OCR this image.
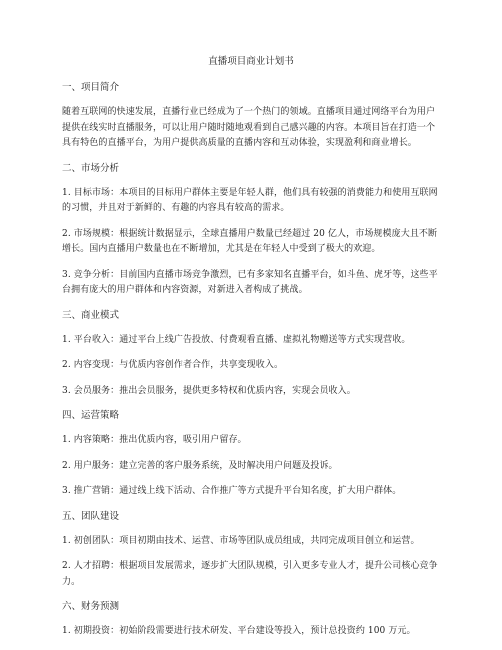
直播项目商业计划书
一、项目简介

随着互联网的快速发展，直播行业已经成为了一个热门的领域。直播项目通过网络平台为用户提供在线实时直播服务，可以让用户随时随地观看到自己感兴趣的内容。本项目旨在打造一个具有特色的直播平台，为用户提供高质量的直播内容和互动体验，实现盈利和商业增长。

二、市场分析

1. 目标市场：本项目的目标用户群体主要是年轻人群，他们具有较强的消费能力和使用互联网的习惯，并且对于新鲜的、有趣的内容具有较高的需求。

2. 市场规模：根据统计数据显示，全球直播用户数量已经超过 20 亿人，市场规模庞大且不断增长。国内直播用户数量也在不断增加，尤其是在年轻人中受到了极大的欢迎。

3. 竞争分析：目前国内直播市场竞争激烈，已有多家知名直播平台，如斗鱼、虎牙等，这些平台拥有庞大的用户群体和内容资源，对新进入者构成了挑战。

三、商业模式

1. 平台收入：通过平台上线广告投放、付费观看直播、虚拟礼物赠送等方式实现营收。

2. 内容变现：与优质内容创作者合作，共享变现收入。

3. 会员服务：推出会员服务，提供更多特权和优质内容，实现会员收入。

四、运营策略

1. 内容策略：推出优质内容，吸引用户留存。

2. 用户服务：建立完善的客户服务系统，及时解决用户问题及投诉。

3. 推广营销：通过线上线下活动、合作推广等方式提升平台知名度，扩大用户群体。

五、团队建设

1. 初创团队：项目初期由技术、运营、市场等团队成员组成，共同完成项目创立和运营。

2. 人才招聘：根据项目发展需求，逐步扩大团队规模，引入更多专业人才，提升公司核心竞争力。

六、财务预测

1. 初期投资：初始阶段需要进行技术研发、平台建设等投入，预计总投资约 100 万元。
